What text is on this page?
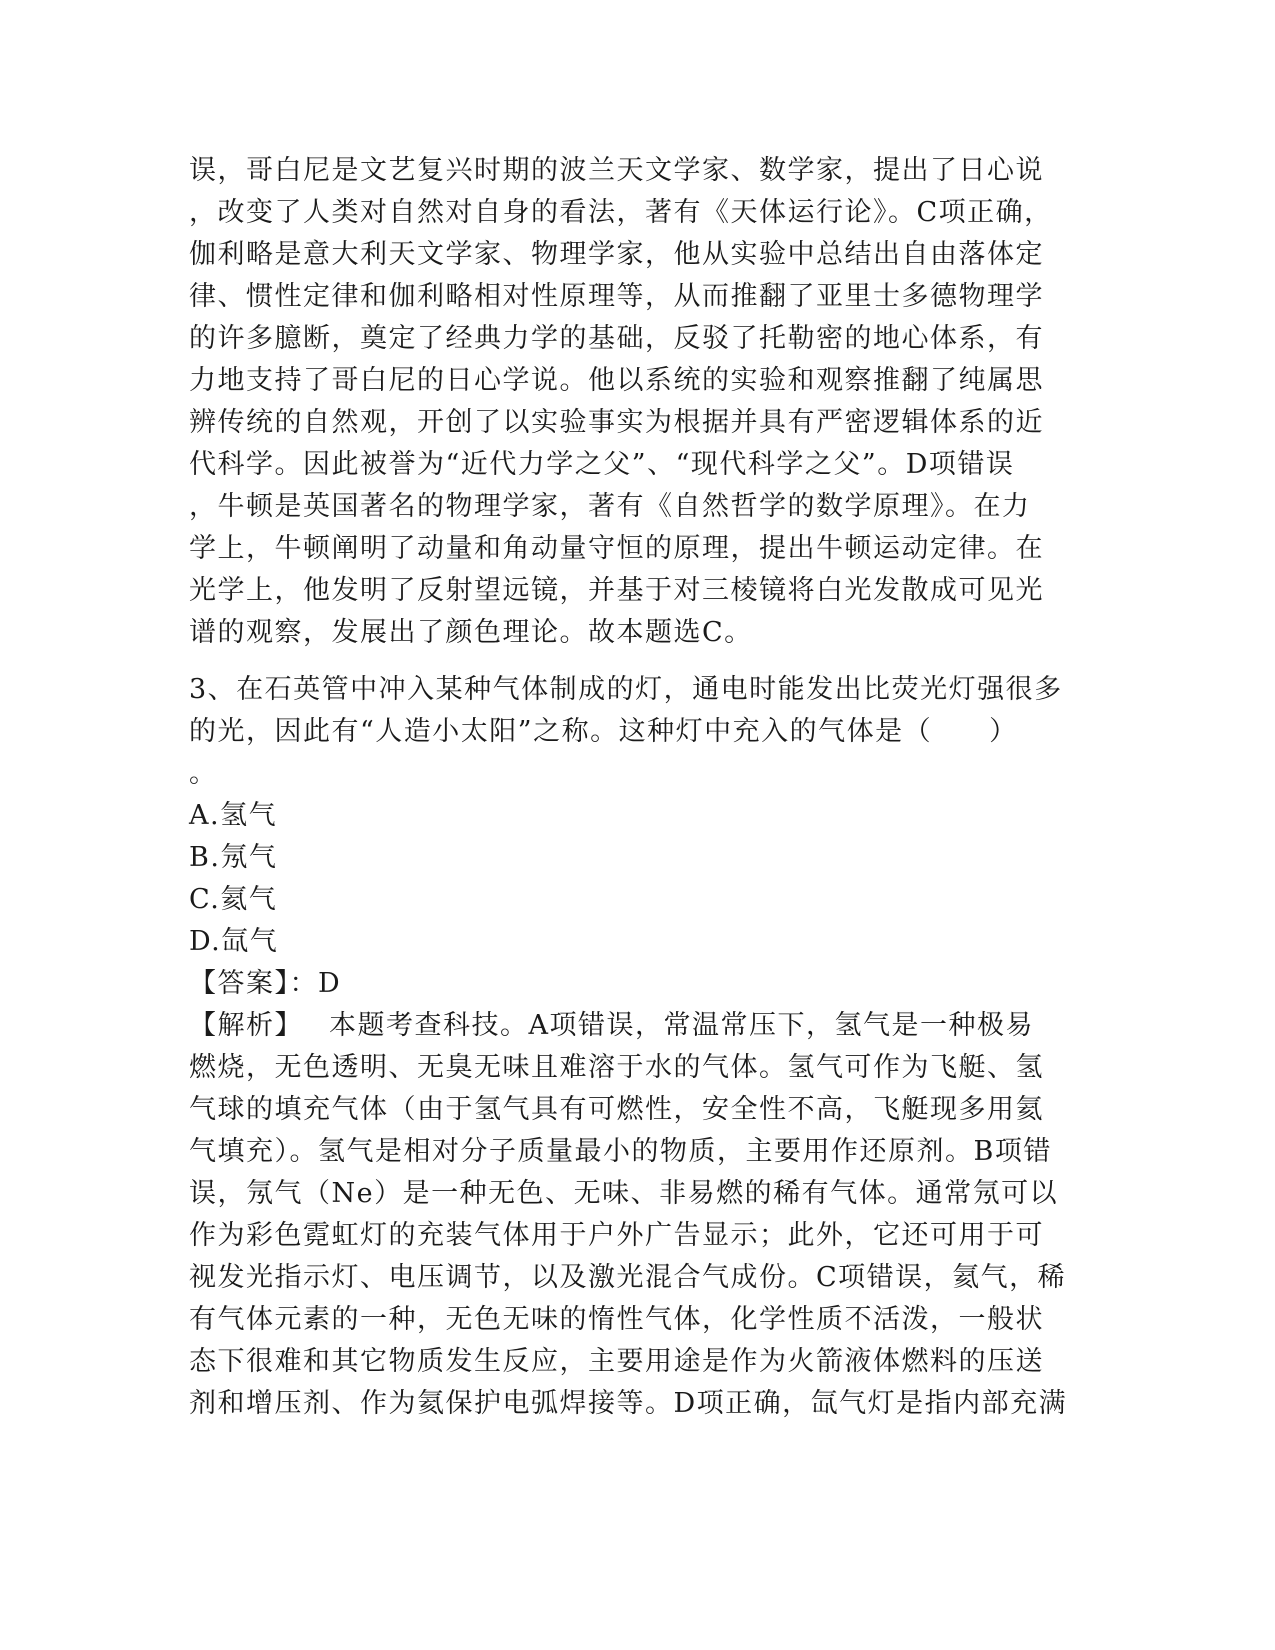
误，哥白尼是文艺复兴时期的波兰天文学家、数学家，提出了日心说
，改变了人类对自然对自身的看法，著有《天体运行论》。C项正确，
伽利略是意大利天文学家、物理学家，他从实验中总结出自由落体定
律、惯性定律和伽利略相对性原理等，从而推翻了亚里士多德物理学
的许多臆断，奠定了经典力学的基础，反驳了托勒密的地心体系，有
力地支持了哥白尼的日心学说。他以系统的实验和观察推翻了纯属思
辨传统的自然观，开创了以实验事实为根据并具有严密逻辑体系的近
代科学。因此被誉为“近代力学之父”、“现代科学之父”。D项错误
，牛顿是英国著名的物理学家，著有《自然哲学的数学原理》。在力
学上，牛顿阐明了动量和角动量守恒的原理，提出牛顿运动定律。在
光学上，他发明了反射望远镜，并基于对三棱镜将白光发散成可见光
谱的观察，发展出了颜色理论。故本题选C。
3、在石英管中冲入某种气体制成的灯，通电时能发出比荧光灯强很多
的光，因此有“人造小太阳”之称。这种灯中充入的气体是（　　）
。
A.氢气
B.氖气
C.氦气
D.氙气
【答案】：D
【解析】 本题考查科技。A项错误，常温常压下，氢气是一种极易
燃烧，无色透明、无臭无味且难溶于水的气体。氢气可作为飞艇、氢
气球的填充气体（由于氢气具有可燃性，安全性不高，飞艇现多用氦
气填充）。氢气是相对分子质量最小的物质，主要用作还原剂。B项错
误，氖气（Ne）是一种无色、无味、非易燃的稀有气体。通常氖可以
作为彩色霓虹灯的充装气体用于户外广告显示；此外，它还可用于可
视发光指示灯、电压调节，以及激光混合气成份。C项错误，氦气，稀
有气体元素的一种，无色无味的惰性气体，化学性质不活泼，一般状
态下很难和其它物质发生反应，主要用途是作为火箭液体燃料的压送
剂和增压剂、作为氦保护电弧焊接等。D项正确，氙气灯是指内部充满
